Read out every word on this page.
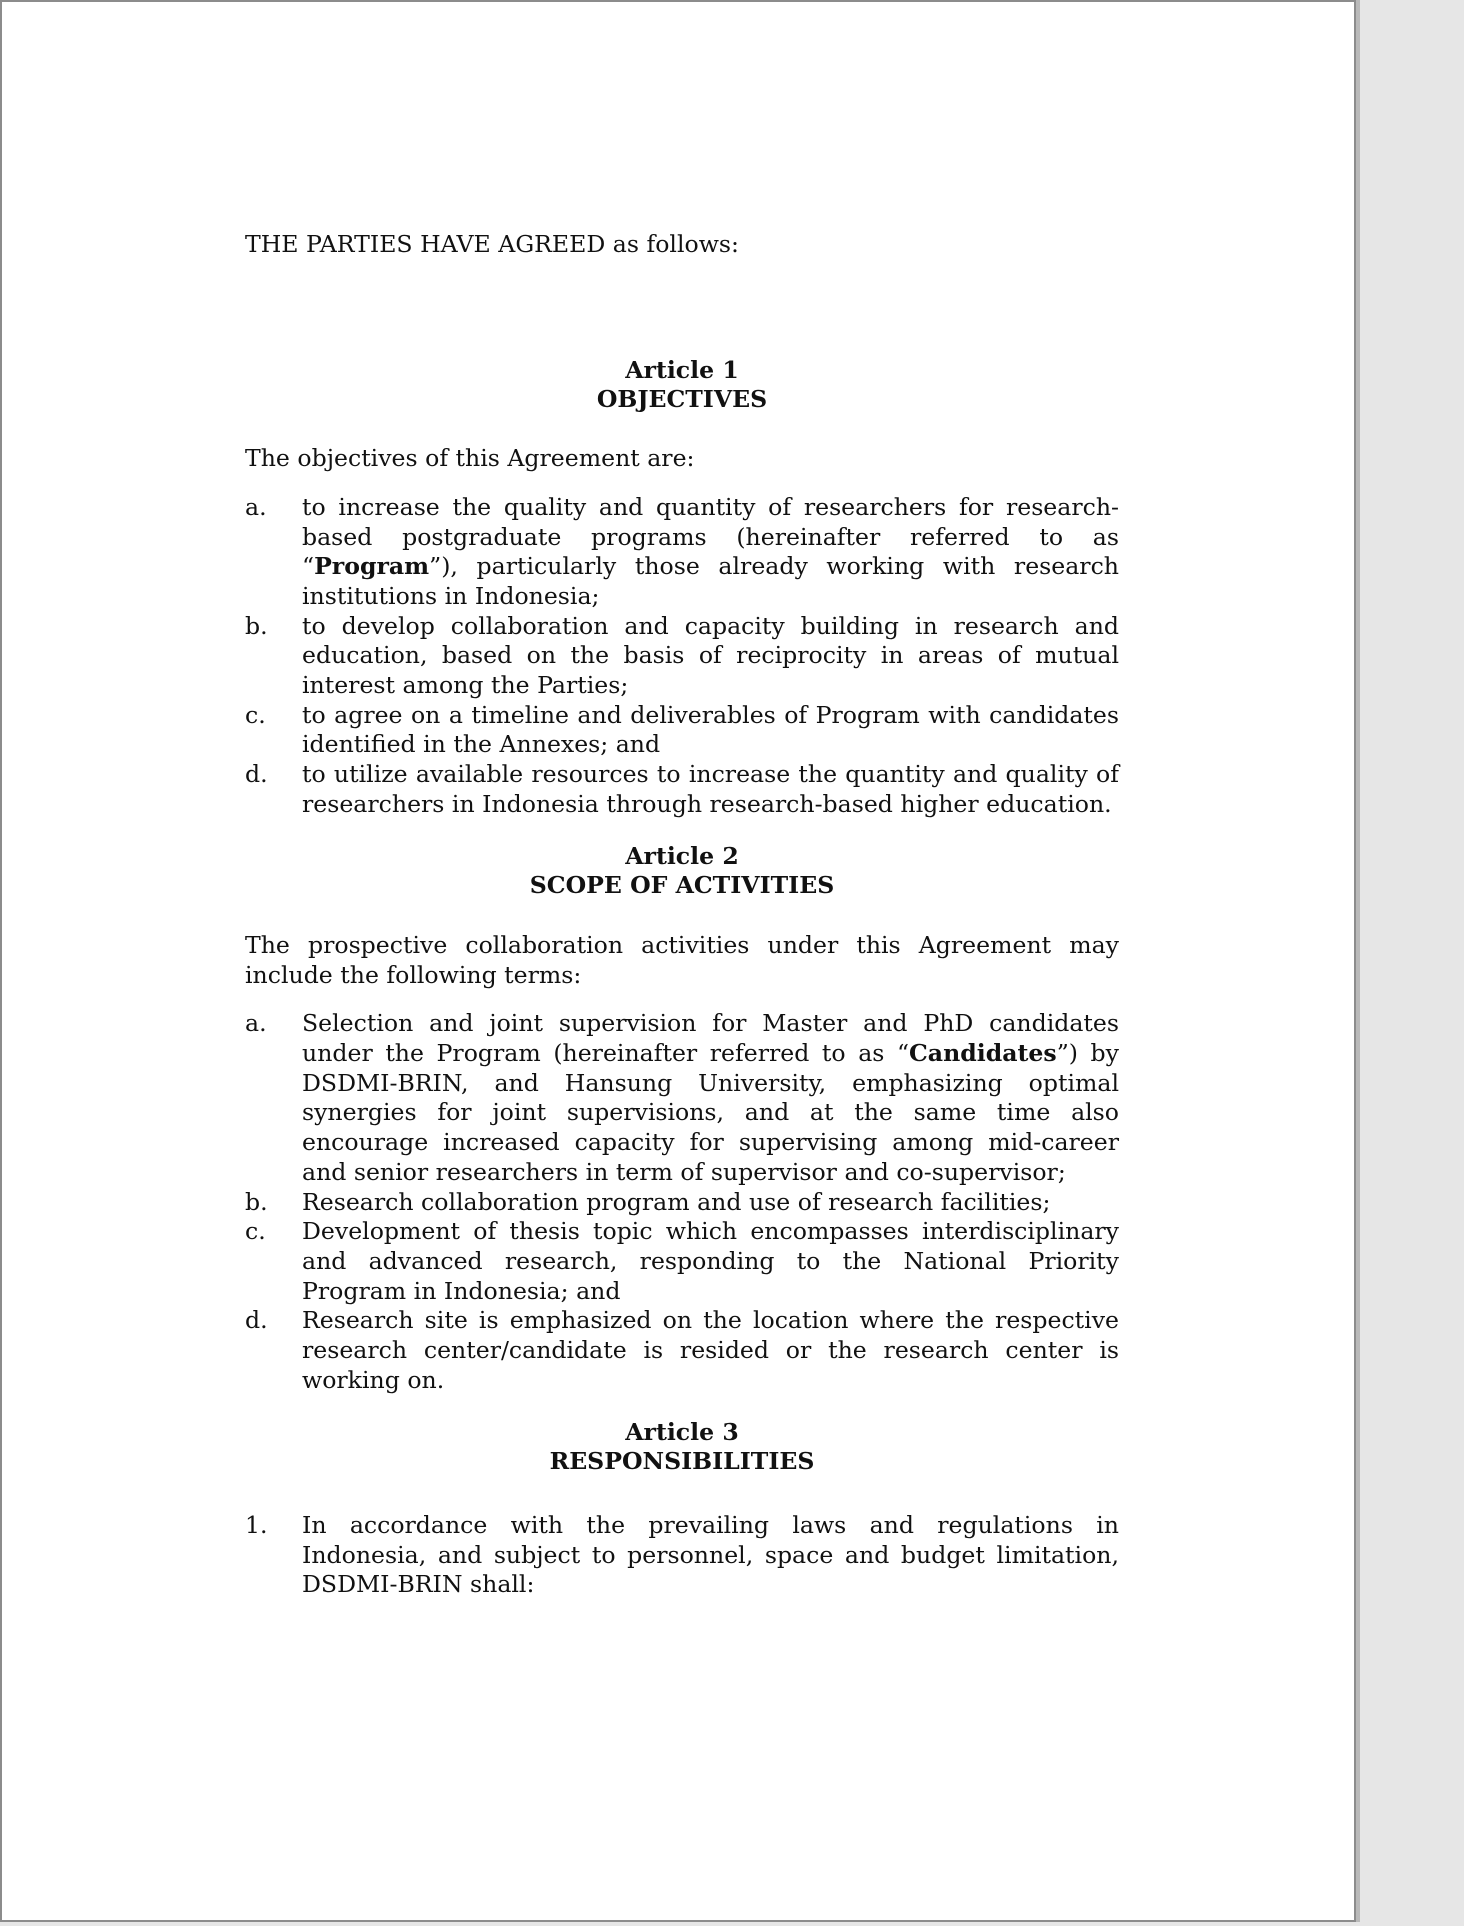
THE PARTIES HAVE AGREED as follows:

Article 1
OBJECTIVES

The objectives of this Agreement are:

a. to increase the quality and quantity of researchers for research-based postgraduate programs (hereinafter referred to as “Program”), particularly those already working with research institutions in Indonesia;
b. to develop collaboration and capacity building in research and education, based on the basis of reciprocity in areas of mutual interest among the Parties;
c. to agree on a timeline and deliverables of Program with candidates identified in the Annexes; and
d. to utilize available resources to increase the quantity and quality of researchers in Indonesia through research-based higher education.
Article 2
SCOPE OF ACTIVITIES

The prospective collaboration activities under this Agreement may include the following terms:

a. Selection and joint supervision for Master and PhD candidates under the Program (hereinafter referred to as “Candidates”) by DSDMI-BRIN, and Hansung University, emphasizing optimal synergies for joint supervisions, and at the same time also encourage increased capacity for supervising among mid-career and senior researchers in term of supervisor and co-supervisor;
b. Research collaboration program and use of research facilities;
c. Development of thesis topic which encompasses interdisciplinary and advanced research, responding to the National Priority Program in Indonesia; and
d. Research site is emphasized on the location where the respective research center/candidate is resided or the research center is working on.
Article 3
RESPONSIBILITIES
1. In accordance with the prevailing laws and regulations in Indonesia, and subject to personnel, space and budget limitation, DSDMI-BRIN shall:
